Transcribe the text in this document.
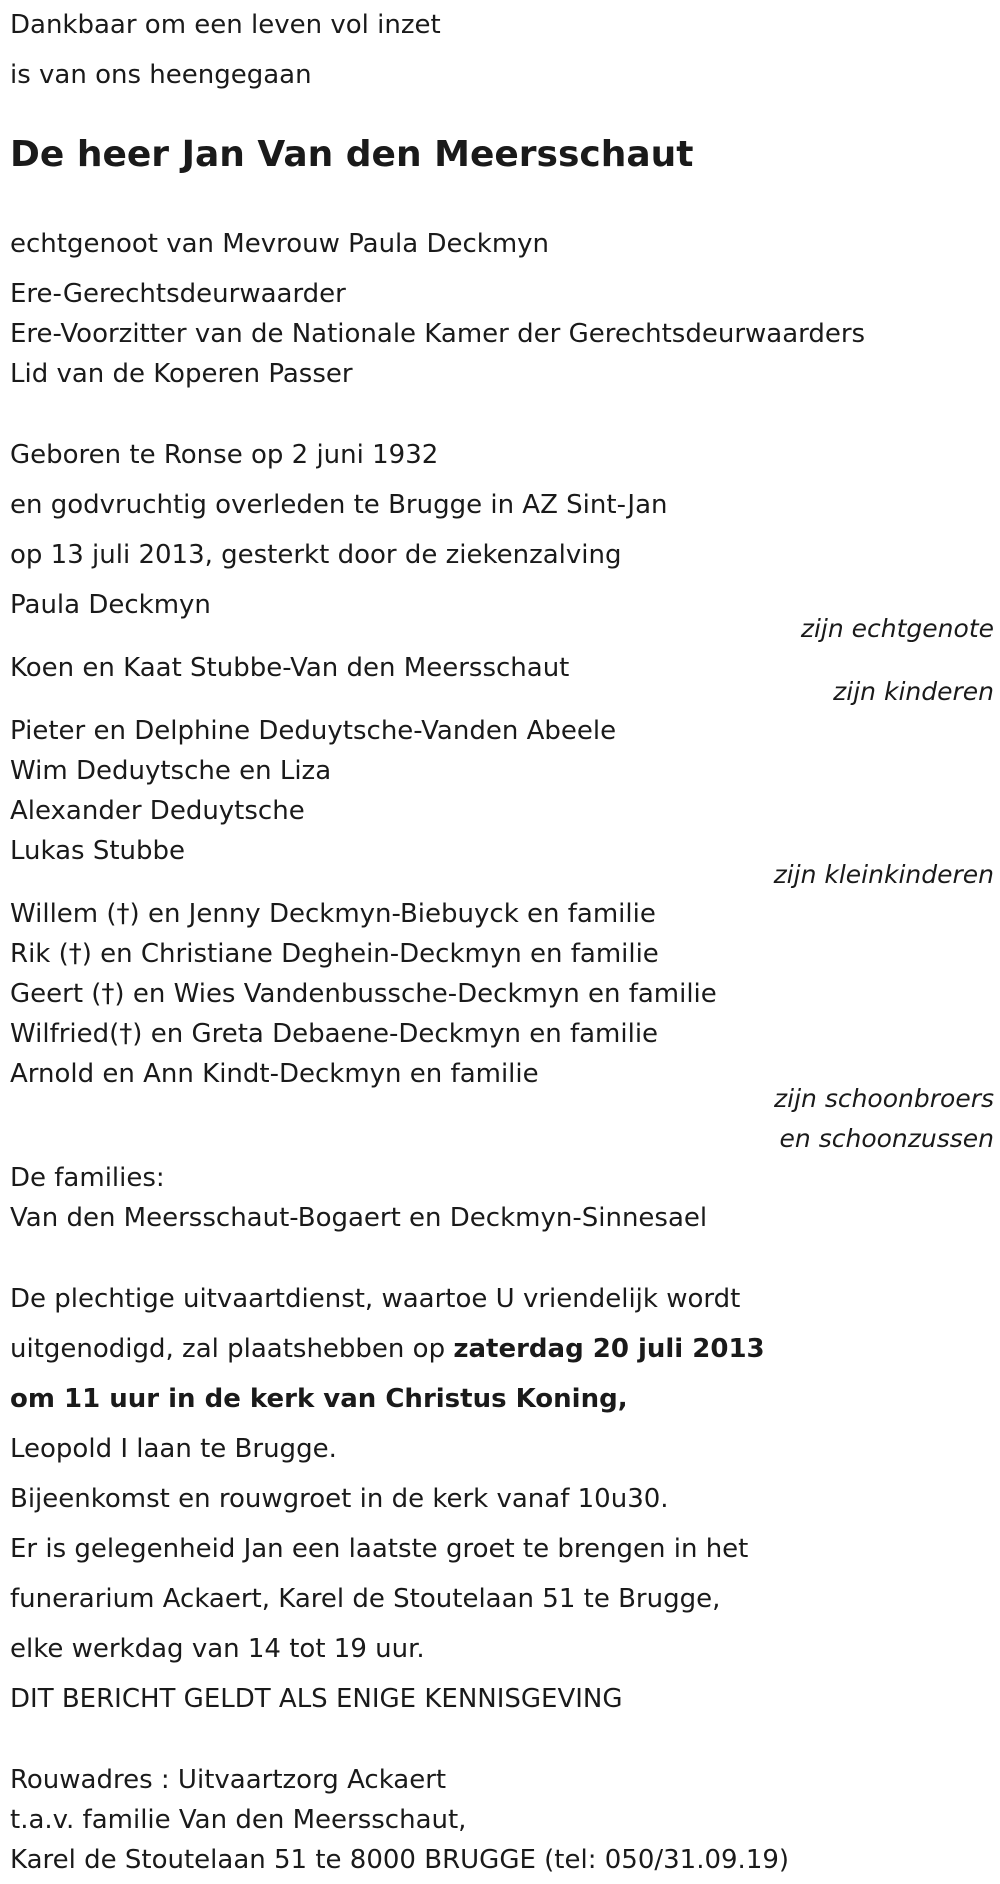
Dankbaar om een leven vol inzet
is van ons heengegaan
De heer Jan Van den Meersschaut
echtgenoot van Mevrouw Paula Deckmyn
Ere-Gerechtsdeurwaarder
Ere-Voorzitter van de Nationale Kamer der Gerechtsdeurwaarders
Lid van de Koperen Passer
Geboren te Ronse op 2 juni 1932
en godvruchtig overleden te Brugge in AZ Sint-Jan
op 13 juli 2013, gesterkt door de ziekenzalving
Paula Deckmyn
zijn echtgenote
Koen en Kaat Stubbe-Van den Meersschaut
zijn kinderen
Pieter en Delphine Deduytsche-Vanden Abeele
Wim Deduytsche en Liza
Alexander Deduytsche
Lukas Stubbe
zijn kleinkinderen
Willem (†) en Jenny Deckmyn-Biebuyck en familie
Rik (†) en Christiane Deghein-Deckmyn en familie
Geert (†) en Wies Vandenbussche-Deckmyn en familie
Wilfried(†) en Greta Debaene-Deckmyn en familie
Arnold en Ann Kindt-Deckmyn en familie
zijn schoonbroers
en schoonzussen
De families:
Van den Meersschaut-Bogaert en Deckmyn-Sinnesael
De plechtige uitvaartdienst, waartoe U vriendelijk wordt
uitgenodigd, zal plaatshebben op zaterdag 20 juli 2013
om 11 uur in de kerk van Christus Koning,
Leopold I laan te Brugge.
Bijeenkomst en rouwgroet in de kerk vanaf 10u30.
Er is gelegenheid Jan een laatste groet te brengen in het
funerarium Ackaert, Karel de Stoutelaan 51 te Brugge,
elke werkdag van 14 tot 19 uur.
DIT BERICHT GELDT ALS ENIGE KENNISGEVING
Rouwadres : Uitvaartzorg Ackaert
t.a.v. familie Van den Meersschaut,
Karel de Stoutelaan 51 te 8000 BRUGGE (tel: 050/31.09.19)
